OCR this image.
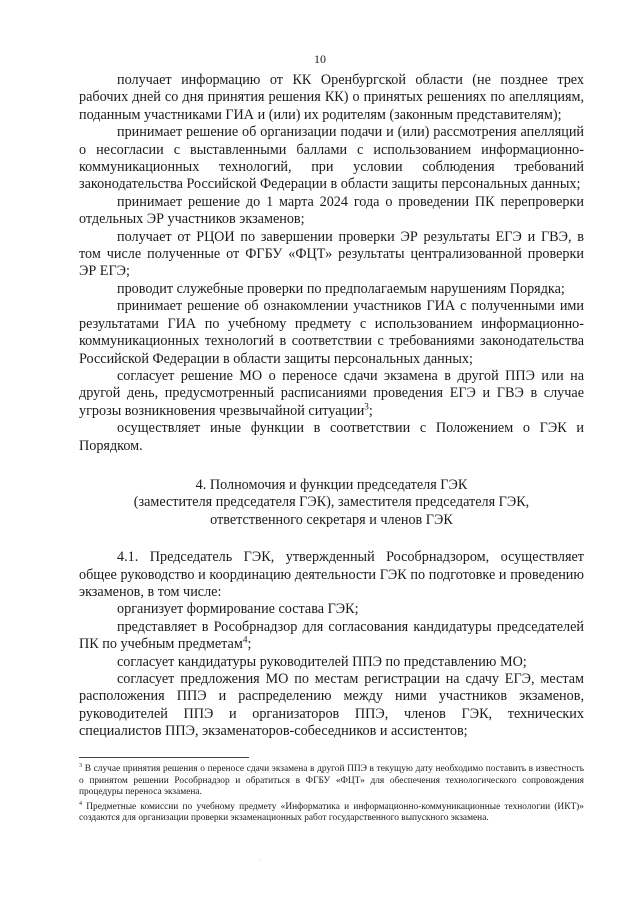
10

получает информацию от КК Оренбургской области (не позднее трех рабочих дней со дня принятия решения КК) о принятых решениях по апелляциям, поданным участниками ГИА и (или) их родителям (законным представителям);

принимает решение об организации подачи и (или) рассмотрения апелляций о несогласии с выставленными баллами с использованием информационно-коммуникационных технологий, при условии соблюдения требований законодательства Российской Федерации в области защиты персональных данных;

принимает решение до 1 марта 2024 года о проведении ПК перепроверки отдельных ЭР участников экзаменов;

получает от РЦОИ по завершении проверки ЭР результаты ЕГЭ и ГВЭ, в том числе полученные от ФГБУ «ФЦТ» результаты централизованной проверки ЭР ЕГЭ;

проводит служебные проверки по предполагаемым нарушениям Порядка;

принимает решение об ознакомлении участников ГИА с полученными ими результатами ГИА по учебному предмету с использованием информационно-коммуникационных технологий в соответствии с требованиями законодательства Российской Федерации в области защиты персональных данных;

согласует решение МО о переносе сдачи экзамена в другой ППЭ или на другой день, предусмотренный расписаниями проведения ЕГЭ и ГВЭ в случае угрозы возникновения чрезвычайной ситуации$^3$;

осуществляет иные функции в соответствии с Положением о ГЭК и Порядком.

4. Полномочия и функции председателя ГЭК
(заместителя председателя ГЭК), заместителя председателя ГЭК,
ответственного секретаря и членов ГЭК

4.1. Председатель ГЭК, утвержденный Рособрнадзором, осуществляет общее руководство и координацию деятельности ГЭК по подготовке и проведению экзаменов, в том числе:

организует формирование состава ГЭК;

представляет в Рособрнадзор для согласования кандидатуры председателей ПК по учебным предметам$^4$;

согласует кандидатуры руководителей ППЭ по представлению МО;

согласует предложения МО по местам регистрации на сдачу ЕГЭ, местам расположения ППЭ и распределению между ними участников экзаменов, руководителей ППЭ и организаторов ППЭ, членов ГЭК, технических специалистов ППЭ, экзаменаторов-собеседников и ассистентов;

$^3$ В случае принятия решения о переносе сдачи экзамена в другой ППЭ в текущую дату необходимо поставить в известность о принятом решении Рособрнадзор и обратиться в ФГБУ «ФЦТ» для обеспечения технологического сопровождения процедуры переноса экзамена.

$^4$ Предметные комиссии по учебному предмету «Информатика и информационно-коммуникационные технологии (ИКТ)» создаются для организации проверки экзаменационных работ государственного выпускного экзамена.

·
